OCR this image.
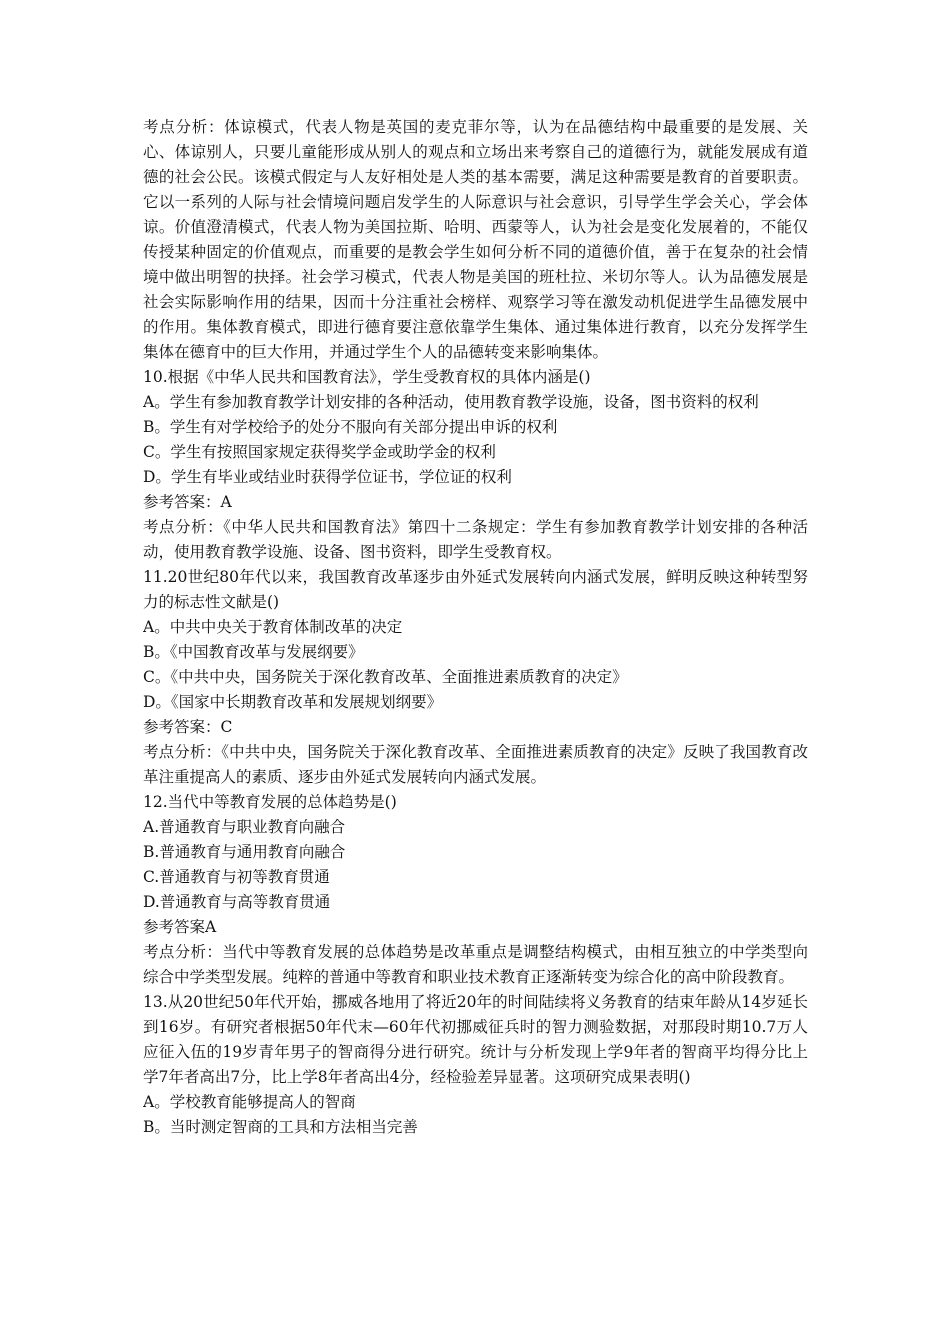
考点分析：体谅模式，代表人物是英国的麦克菲尔等，认为在品德结构中最重要的是发展、关心、体谅别人，只要儿童能形成从别人的观点和立场出来考察自己的道德行为，就能发展成有道德的社会公民。该模式假定与人友好相处是人类的基本需要，满足这种需要是教育的首要职责。它以一系列的人际与社会情境问题启发学生的人际意识与社会意识，引导学生学会关心，学会体谅。价值澄清模式，代表人物为美国拉斯、哈明、西蒙等人，认为社会是变化发展着的，不能仅传授某种固定的价值观点，而重要的是教会学生如何分析不同的道德价值，善于在复杂的社会情境中做出明智的抉择。社会学习模式，代表人物是美国的班杜拉、米切尔等人。认为品德发展是社会实际影响作用的结果，因而十分注重社会榜样、观察学习等在激发动机促进学生品德发展中的作用。集体教育模式，即进行德育要注意依靠学生集体、通过集体进行教育，以充分发挥学生集体在德育中的巨大作用，并通过学生个人的品德转变来影响集体。

10.根据《中华人民共和国教育法》，学生受教育权的具体内涵是()

A。学生有参加教育教学计划安排的各种活动，使用教育教学设施，设备，图书资料的权利

B。学生有对学校给予的处分不服向有关部分提出申诉的权利

C。学生有按照国家规定获得奖学金或助学金的权利

D。学生有毕业或结业时获得学位证书，学位证的权利

参考答案：A

考点分析：《中华人民共和国教育法》第四十二条规定：学生有参加教育教学计划安排的各种活动，使用教育教学设施、设备、图书资料，即学生受教育权。

11.20世纪80年代以来，我国教育改革逐步由外延式发展转向内涵式发展，鲜明反映这种转型努力的标志性文献是()

A。中共中央关于教育体制改革的决定

B。《中国教育改革与发展纲要》

C。《中共中央，国务院关于深化教育改革、全面推进素质教育的决定》

D。《国家中长期教育改革和发展规划纲要》

参考答案：C

考点分析：《中共中央，国务院关于深化教育改革、全面推进素质教育的决定》反映了我国教育改革注重提高人的素质、逐步由外延式发展转向内涵式发展。

12.当代中等教育发展的总体趋势是()

A.普通教育与职业教育向融合

B.普通教育与通用教育向融合

C.普通教育与初等教育贯通

D.普通教育与高等教育贯通

参考答案A

考点分析：当代中等教育发展的总体趋势是改革重点是调整结构模式，由相互独立的中学类型向综合中学类型发展。纯粹的普通中等教育和职业技术教育正逐渐转变为综合化的高中阶段教育。

13.从20世纪50年代开始，挪威各地用了将近20年的时间陆续将义务教育的结束年龄从14岁延长到16岁。有研究者根据50年代末—60年代初挪威征兵时的智力测验数据，对那段时期10.7万人应征入伍的19岁青年男子的智商得分进行研究。统计与分析发现上学9年者的智商平均得分比上学7年者高出7分，比上学8年者高出4分，经检验差异显著。这项研究成果表明()

A。学校教育能够提高人的智商

B。当时测定智商的工具和方法相当完善
